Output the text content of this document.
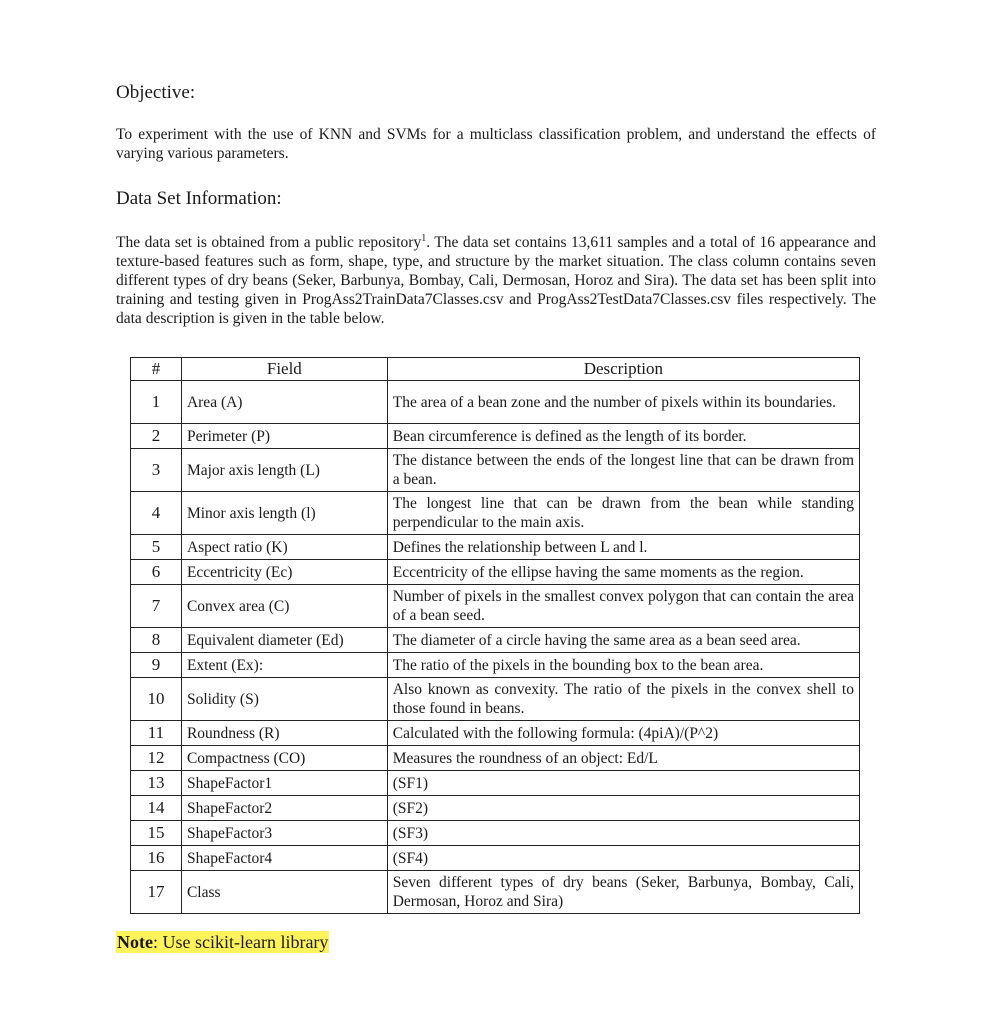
Objective:

To experiment with the use of KNN and SVMs for a multiclass classification problem, and understand the effects of varying various parameters.

Data Set Information:

The data set is obtained from a public repository$^1$. The data set contains 13,611 samples and a total of 16 appearance and texture-based features such as form, shape, type, and structure by the market situation. The class column contains seven different types of dry beans (Seker, Barbunya, Bombay, Cali, Dermosan, Horoz and Sira). The data set has been split into training and testing given in ProgAss2TrainData7Classes.csv and ProgAss2TestData7Classes.csv files respectively. The data description is given in the table below.

#	Field	Description
1	Area (A)	The area of a bean zone and the number of pixels within its boundaries.
2	Perimeter (P)	Bean circumference is defined as the length of its border.
3	Major axis length (L)	The distance between the ends of the longest line that can be drawn from a bean.
4	Minor axis length (l)	The longest line that can be drawn from the bean while standing perpendicular to the main axis.
5	Aspect ratio (K)	Defines the relationship between L and l.
6	Eccentricity (Ec)	Eccentricity of the ellipse having the same moments as the region.
7	Convex area (C)	Number of pixels in the smallest convex polygon that can contain the area of a bean seed.
8	Equivalent diameter (Ed)	The diameter of a circle having the same area as a bean seed area.
9	Extent (Ex):	The ratio of the pixels in the bounding box to the bean area.
10	Solidity (S)	Also known as convexity. The ratio of the pixels in the convex shell to those found in beans.
11	Roundness (R)	Calculated with the following formula: (4piA)/(P^2)
12	Compactness (CO)	Measures the roundness of an object: Ed/L
13	ShapeFactor1	(SF1)
14	ShapeFactor2	(SF2)
15	ShapeFactor3	(SF3)
16	ShapeFactor4	(SF4)
17	Class	Seven different types of dry beans (Seker, Barbunya, Bombay, Cali, Dermosan, Horoz and Sira)
Note: Use scikit-learn library
